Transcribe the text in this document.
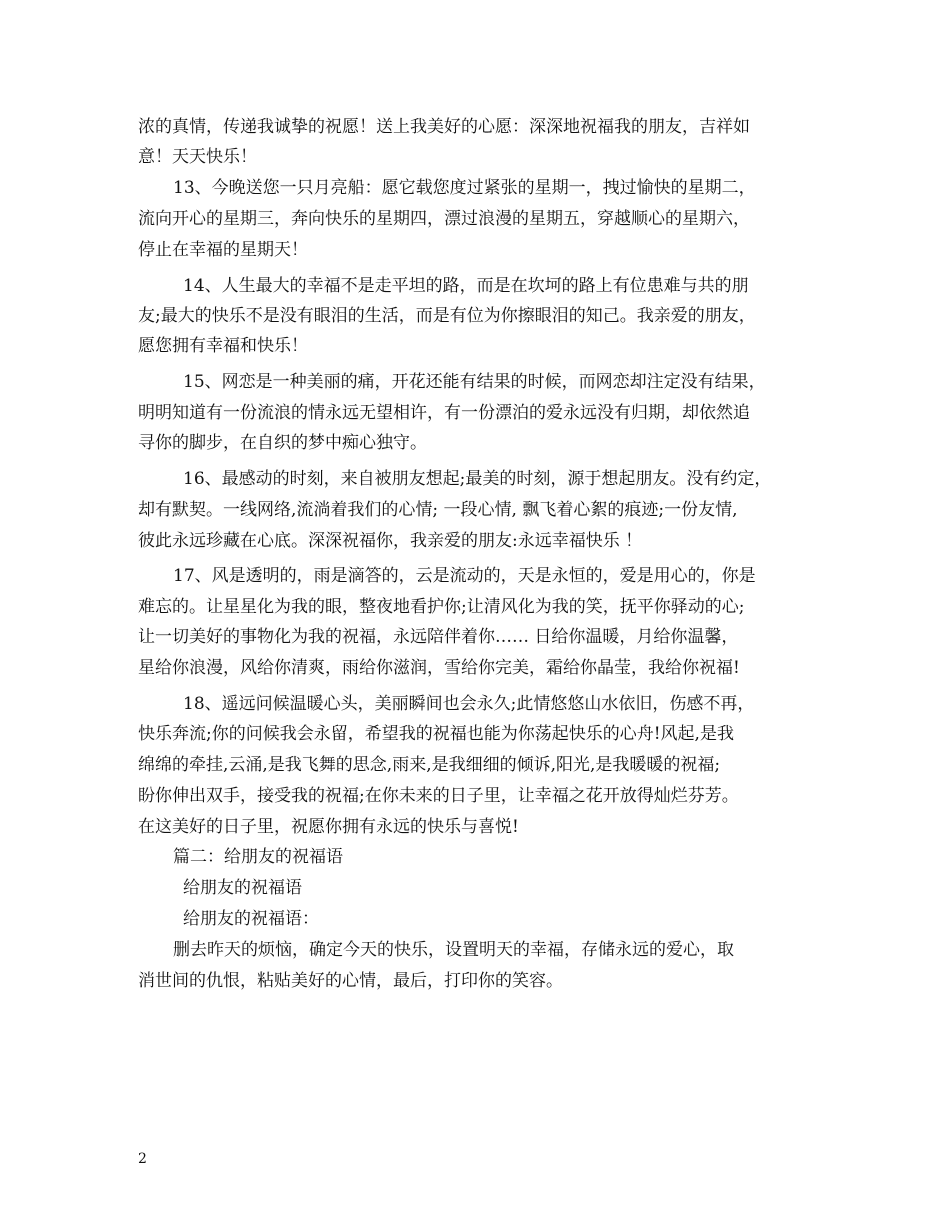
浓的真情，传递我诚挚的祝愿！送上我美好的心愿：深深地祝福我的朋友，吉祥如
意！天天快乐！
13、今晚送您一只月亮船：愿它载您度过紧张的星期一，拽过愉快的星期二，
流向开心的星期三，奔向快乐的星期四，漂过浪漫的星期五，穿越顺心的星期六，
停止在幸福的星期天！
14、人生最大的幸福不是走平坦的路，而是在坎坷的路上有位患难与共的朋
友;最大的快乐不是没有眼泪的生活，而是有位为你擦眼泪的知己。我亲爱的朋友，
愿您拥有幸福和快乐！
15、网恋是一种美丽的痛，开花还能有结果的时候，而网恋却注定没有结果，
明明知道有一份流浪的情永远无望相许，有一份漂泊的爱永远没有归期，却依然追
寻你的脚步，在自织的梦中痴心独守。
16、最感动的时刻，来自被朋友想起;最美的时刻，源于想起朋友。没有约定，
却有默契。一线网络,流淌着我们的心情; 一段心情, 飘飞着心絮的痕迹;一份友情,
彼此永远珍藏在心底。深深祝福你，我亲爱的朋友:永远幸福快乐 ！
17、风是透明的，雨是滴答的，云是流动的，天是永恒的，爱是用心的，你是
难忘的。让星星化为我的眼，整夜地看护你;让清风化为我的笑，抚平你驿动的心;
让一切美好的事物化为我的祝福，永远陪伴着你…… 日给你温暖，月给你温馨，
星给你浪漫，风给你清爽，雨给你滋润，雪给你完美，霜给你晶莹，我给你祝福!
18、遥远问候温暖心头，美丽瞬间也会永久;此情悠悠山水依旧，伤感不再，
快乐奔流;你的问候我会永留，希望我的祝福也能为你荡起快乐的心舟!风起,是我
绵绵的牵挂,云涌,是我飞舞的思念,雨来,是我细细的倾诉,阳光,是我暖暖的祝福;
盼你伸出双手，接受我的祝福;在你未来的日子里，让幸福之花开放得灿烂芬芳。
在这美好的日子里，祝愿你拥有永远的快乐与喜悦!
篇二：给朋友的祝福语
给朋友的祝福语
给朋友的祝福语：
删去昨天的烦恼，确定今天的快乐，设置明天的幸福，存储永远的爱心，取
消世间的仇恨，粘贴美好的心情，最后，打印你的笑容。
2
